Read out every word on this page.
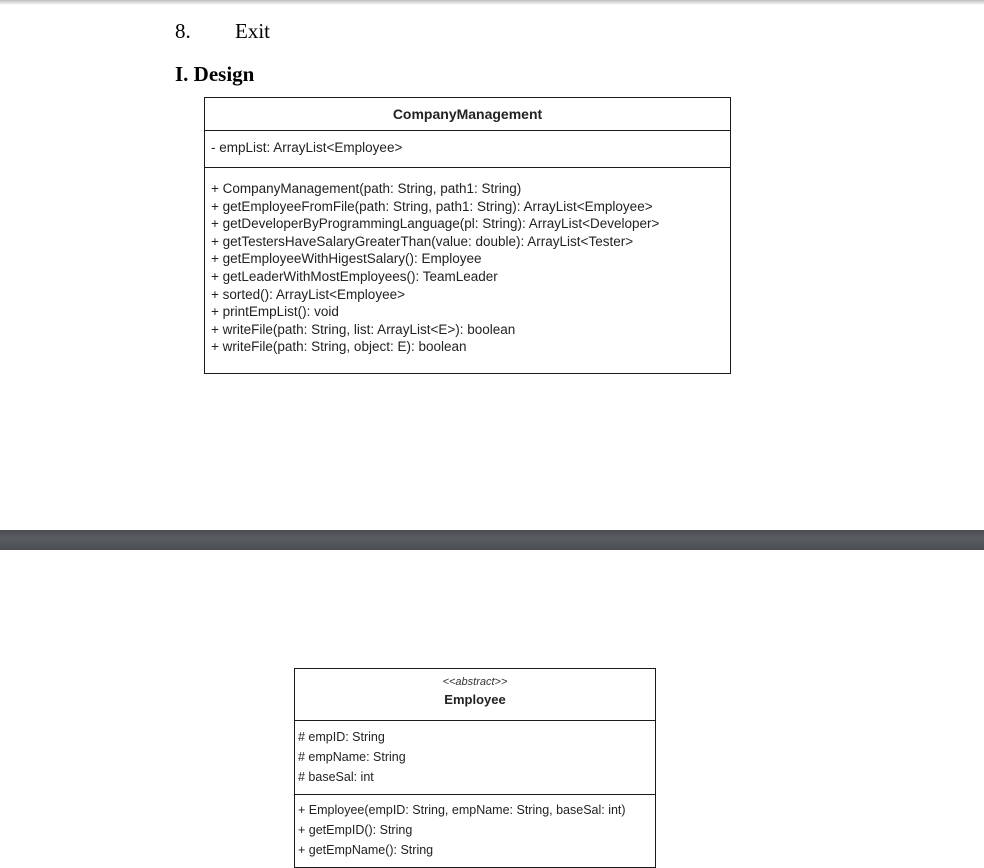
8. Exit
I. Design
CompanyManagement
- empList: ArrayList<Employee>
+ CompanyManagement(path: String, path1: String)
+ getEmployeeFromFile(path: String, path1: String): ArrayList<Employee>
+ getDeveloperByProgrammingLanguage(pl: String): ArrayList<Developer>
+ getTestersHaveSalaryGreaterThan(value: double): ArrayList<Tester>
+ getEmployeeWithHigestSalary(): Employee
+ getLeaderWithMostEmployees(): TeamLeader
+ sorted(): ArrayList<Employee>
+ printEmpList(): void
+ writeFile(path: String, list: ArrayList<E>): boolean
+ writeFile(path: String, object: E): boolean
<<abstract>>
Employee
# empID: String
# empName: String
# baseSal: int
+ Employee(empID: String, empName: String, baseSal: int)
+ getEmpID(): String
+ getEmpName(): String
